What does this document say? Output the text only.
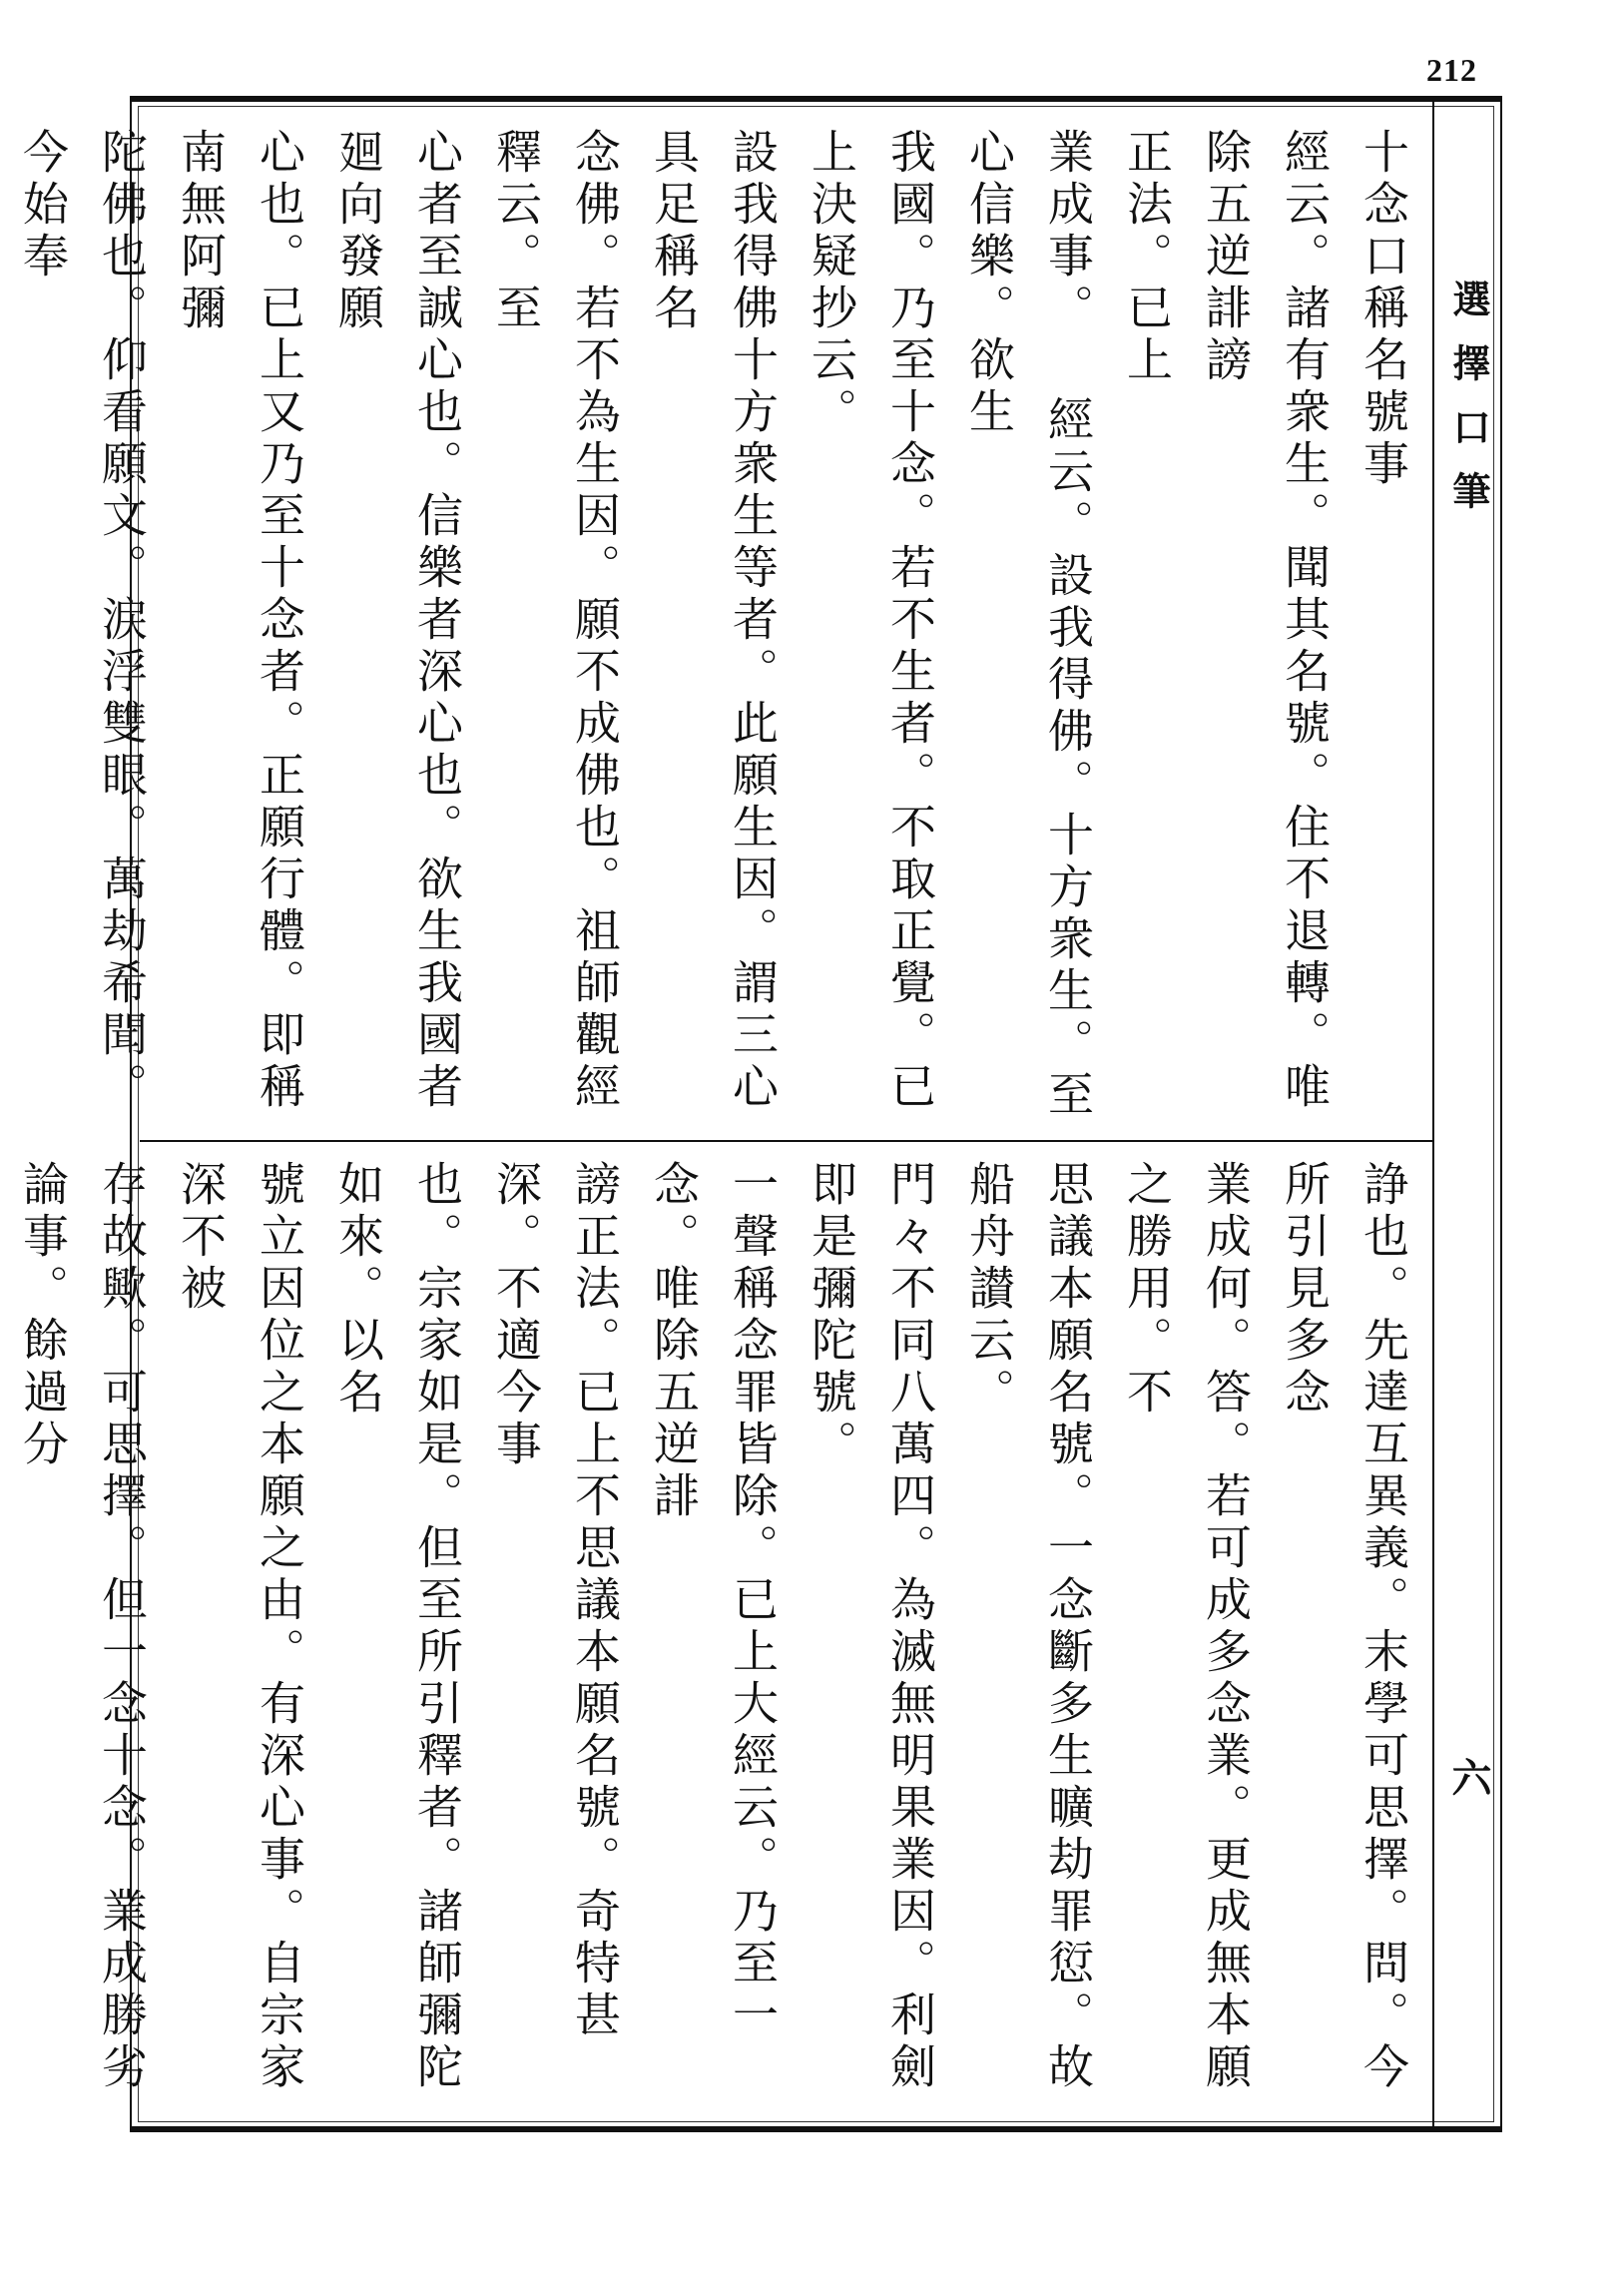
212
選擇口筆
六
十念口稱名號事
經云。諸有衆生。聞其名號。住不退轉。唯除五逆誹謗
正法。已上
業成事。 經云。設我得佛。十方衆生。至心信樂。欲生
我國。乃至十念。若不生者。不取正覺。已上決疑抄云。
設我得佛十方衆生等者。此願生因。謂三心具足稱名
念佛。若不為生因。願不成佛也。祖師觀經釋云。至
心者至誠心也。信樂者深心也。欲生我國者廻向發願
心也。已上又乃至十念者。正願行體。即稱南無阿彌
陀佛也。仰看願文。涙浮雙眼。萬劫希聞。今始奉
諍也。先達互異義。末學可思擇。問。今所引見多念
業成何。答。若可成多念業。更成無本願之勝用。不
思議本願名號。一念斷多生曠劫罪愆。故船舟讃云。
門々不同八萬四。為滅無明果業因。利劍即是彌陀號。
一聲稱念罪皆除。已上大經云。乃至一念。唯除五逆誹
謗正法。已上不思議本願名號。奇特甚深。不適今事
也。宗家如是。但至所引釋者。諸師彌陀如來。以名
號立因位之本願之由。有深心事。自宗家深不被
存故歟。可思擇。但一念十念。業成勝劣論事。餘過分
